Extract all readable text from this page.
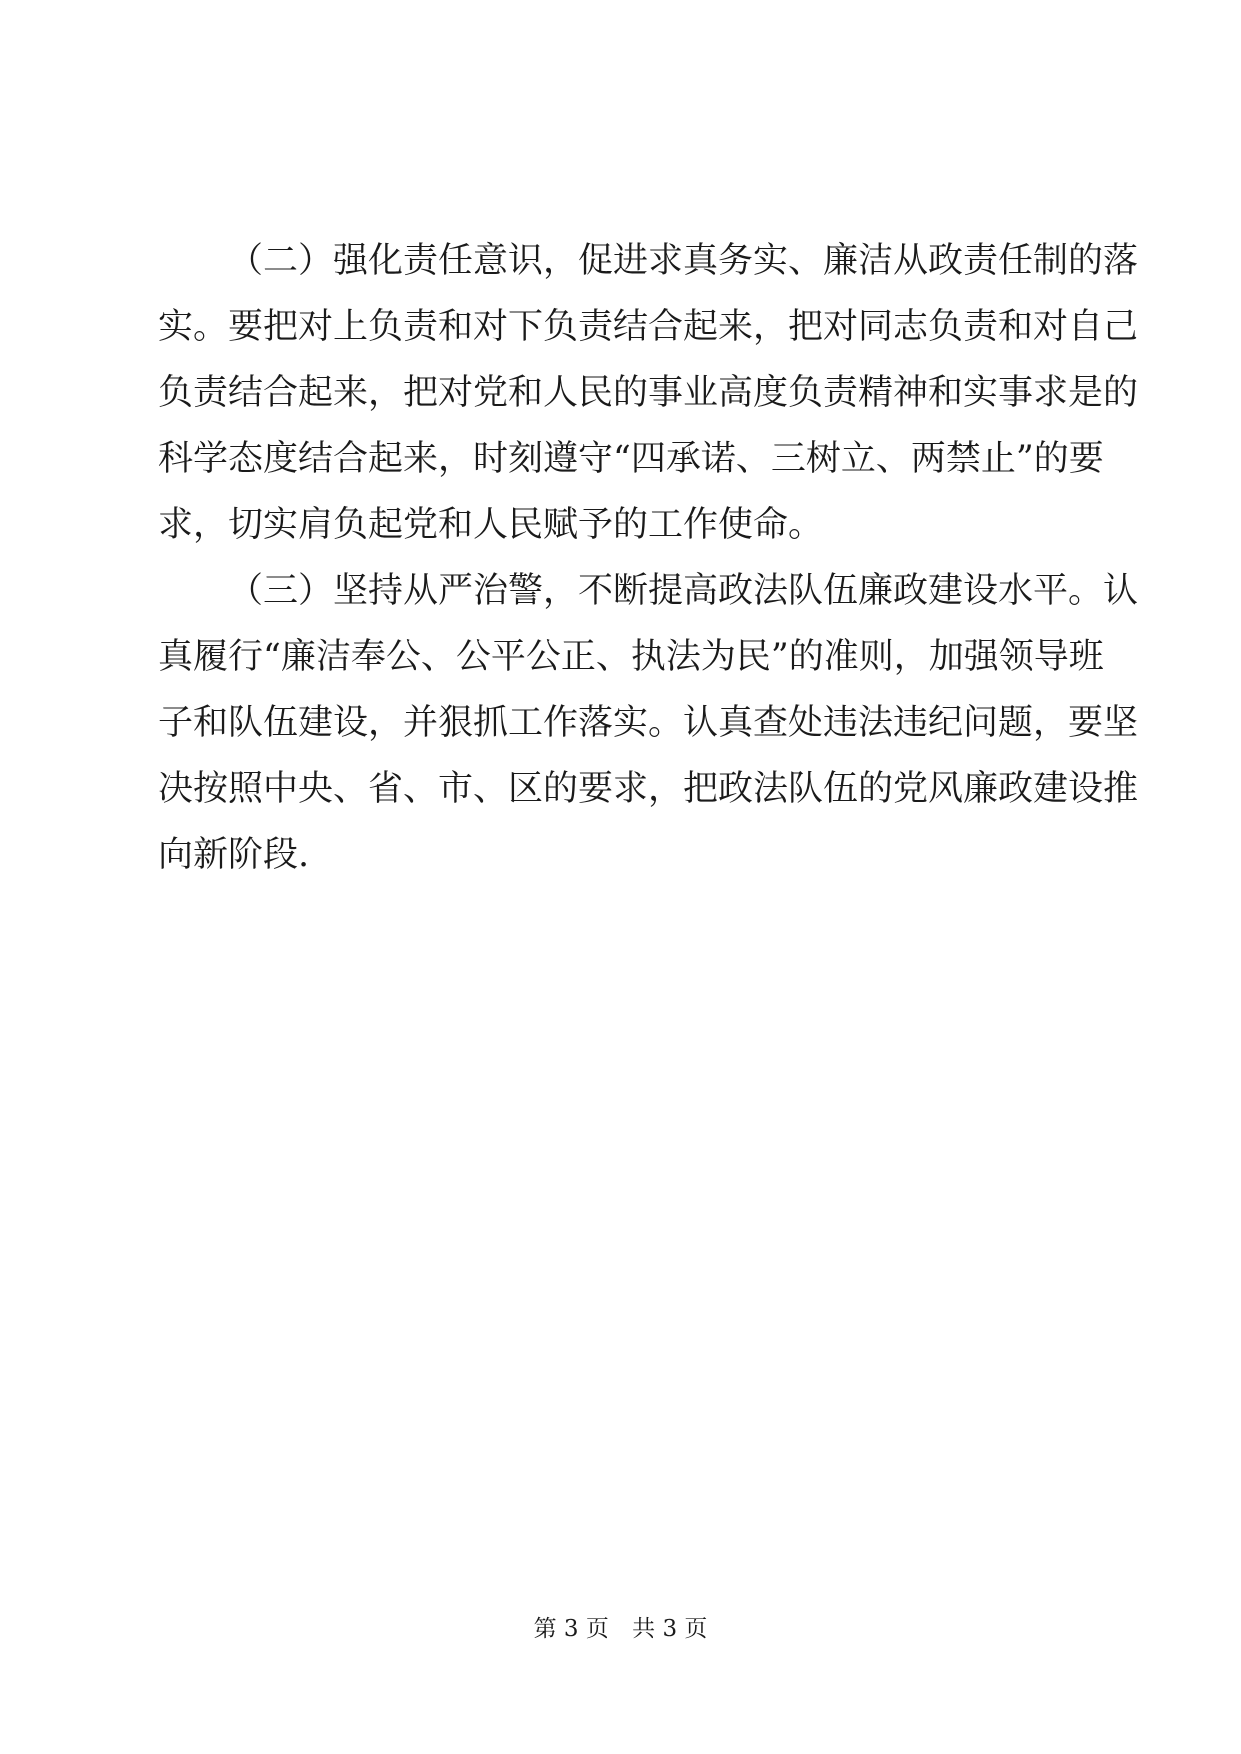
（二）强化责任意识，促进求真务实、廉洁从政责任制的落
实。要把对上负责和对下负责结合起来，把对同志负责和对自己
负责结合起来，把对党和人民的事业高度负责精神和实事求是的
科学态度结合起来，时刻遵守“四承诺、三树立、两禁止”的要
求，切实肩负起党和人民赋予的工作使命。
（三）坚持从严治警，不断提高政法队伍廉政建设水平。认
真履行“廉洁奉公、公平公正、执法为民”的准则，加强领导班
子和队伍建设，并狠抓工作落实。认真查处违法违纪问题，要坚
决按照中央、省、市、区的要求，把政法队伍的党风廉政建设推
向新阶段.
第 3 页 共 3 页
